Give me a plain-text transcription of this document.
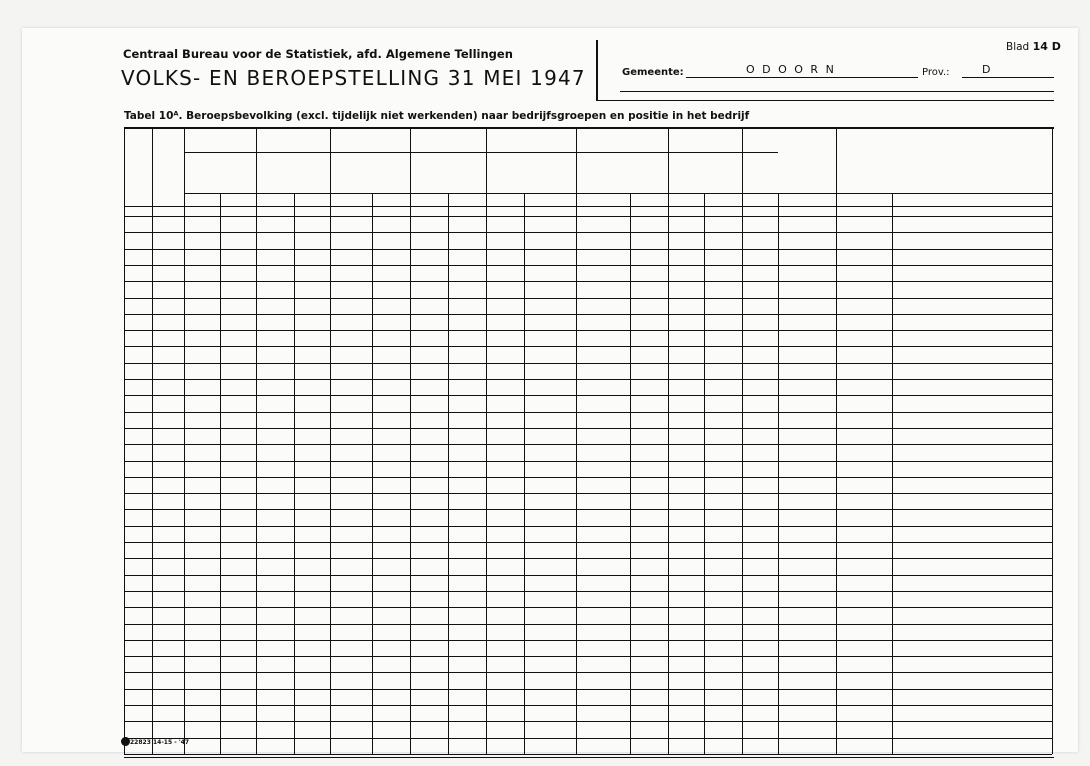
Centraal Bureau voor de Statistiek, afd. Algemene Tellingen
VOLKS- EN BEROEPSTELLING 31 MEI 1947
Blad 14 D
Gemeente:	O D O O R N	Prov.:	D
Tabel 10ᴬ. Beroepsbevolking (excl. tijdelijk niet werkenden) naar bedrijfsgroepen en positie in het bedrijf
22823 14-15 - '47
